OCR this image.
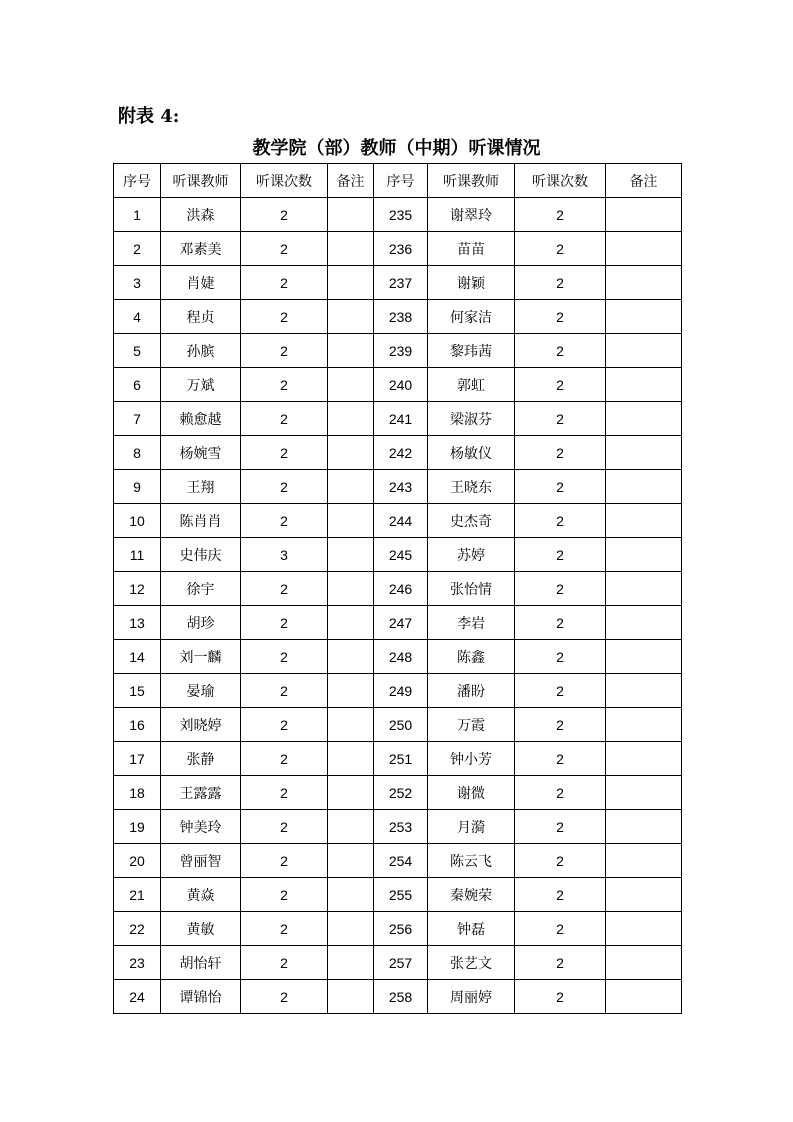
附表 4:
教学院（部）教师（中期）听课情况
序号	听课教师	听课次数	备注	序号	听课教师	听课次数	备注
1	洪森	2		235	谢翠玲	2	
2	邓素美	2		236	苗苗	2	
3	肖婕	2		237	谢颖	2	
4	程贞	2		238	何家洁	2	
5	孙膑	2		239	黎玮茜	2	
6	万斌	2		240	郭虹	2	
7	赖愈越	2		241	梁淑芬	2	
8	杨婉雪	2		242	杨敏仪	2	
9	王翔	2		243	王晓东	2	
10	陈肖肖	2		244	史杰奇	2	
11	史伟庆	3		245	苏婷	2	
12	徐宇	2		246	张怡情	2	
13	胡珍	2		247	李岩	2	
14	刘一麟	2		248	陈鑫	2	
15	晏瑜	2		249	潘盼	2	
16	刘晓婷	2		250	万霞	2	
17	张静	2		251	钟小芳	2	
18	王露露	2		252	谢微	2	
19	钟美玲	2		253	月漪	2	
20	曾丽智	2		254	陈云飞	2	
21	黄焱	2		255	秦婉荣	2	
22	黄敏	2		256	钟磊	2	
23	胡怡轩	2		257	张艺文	2	
24	谭锦怡	2		258	周丽婷	2	
